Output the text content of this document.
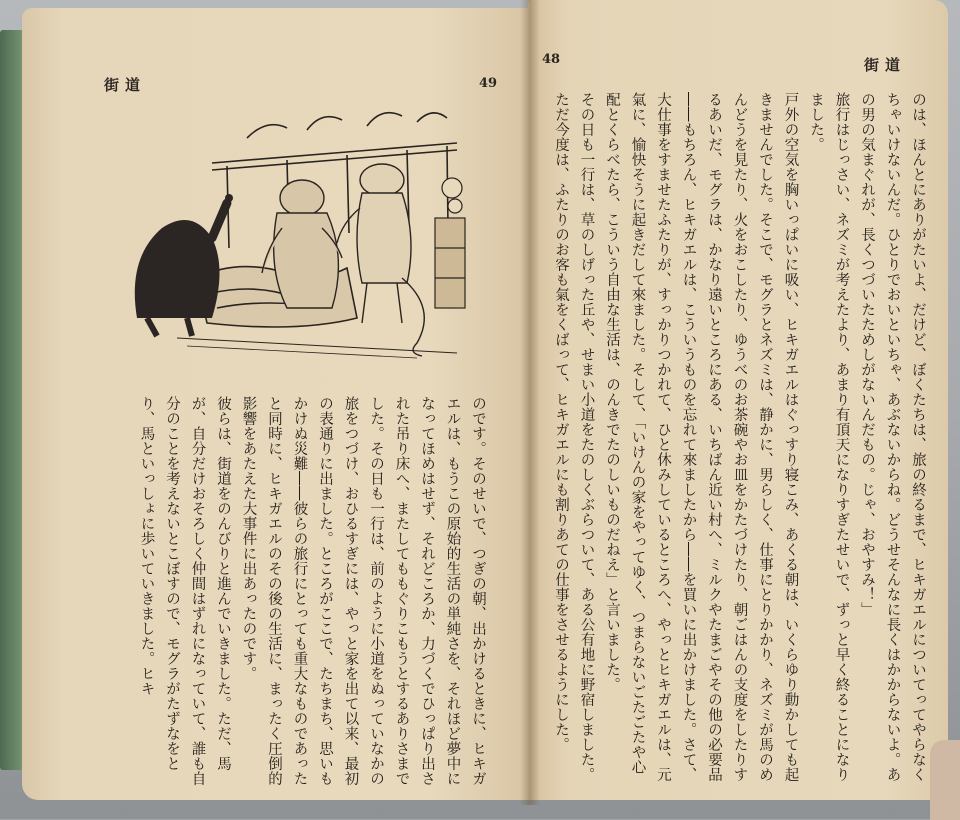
街道	49

のです。そのせいで、つぎの朝、出かけるときに、ヒキガエルは、もうこの原始的生活の単純さを、それほど夢中になってほめはせず、それどころか、力づくでひっぱり出された吊り床へ、またしてももぐりこもうとするありさまでした。その日も一行は、前のように小道をぬっていなかの旅をつづけ、おひるすぎには、やっと家を出て以来、最初の表通りに出ました。ところがここで、たちまち、思いもかけぬ災難――彼らの旅行にとっても重大なものであったと同時に、ヒキガエルのその後の生活に、まったく圧倒的影響をあたえた大事件に出あったのです。

彼らは、街道をのんびりと進んでいきました。ただ、馬が、自分だけおそろしく仲間はずれになっていて、誰も自分のことを考えないとこぼすので、モグラがたずなをとり、馬といっしょに歩いていきました。ヒキ

48	街道

のは、ほんとにありがたいよ、だけど、ぼくたちは、旅の終るまで、ヒキガエルについてってやらなくちゃいけないんだ。ひとりでおいといちゃ、あぶないからね。どうせそんなに長くはかからないよ。あの男の気まぐれが、長くつづいたためしがないんだもの。じゃ、おやすみ！」

旅行はじっさい、ネズミが考えたより、あまり有頂天になりすぎたせいで、ずっと早く終ることになりました。

戸外の空気を胸いっぱいに吸い、ヒキガエルはぐっすり寝こみ、あくる朝は、いくらゆり動かしても起きませんでした。そこで、モグラとネズミは、静かに、男らしく、仕事にとりかかり、ネズミが馬のめんどうを見たり、火をおこしたり、ゆうべのお茶碗やお皿をかたづけたり、朝ごはんの支度をしたりするあいだ、モグラは、かなり遠いところにある、いちばん近い村へ、ミルクやたまごやその他の必要品――もちろん、ヒキガエルは、こういうものを忘れて來ましたから――を買いに出かけました。さて、大仕事をすませたふたりが、すっかりつかれて、ひと休みしているところへ、やっとヒキガエルは、元氣に、愉快そうに起きだして來ました。そして、「いけんの家をやってゆく、つまらないごたごたや心配とくらべたら、こういう自由な生活は、のんきでたのしいものだねえ」と言いました。

その日も一行は、草のしげった丘や、せまい小道をたのしくぶらついて、ある公有地に野宿しました。ただ今度は、ふたりのお客も氣をくばって、ヒキガエルにも割りあての仕事をさせるようにした。
